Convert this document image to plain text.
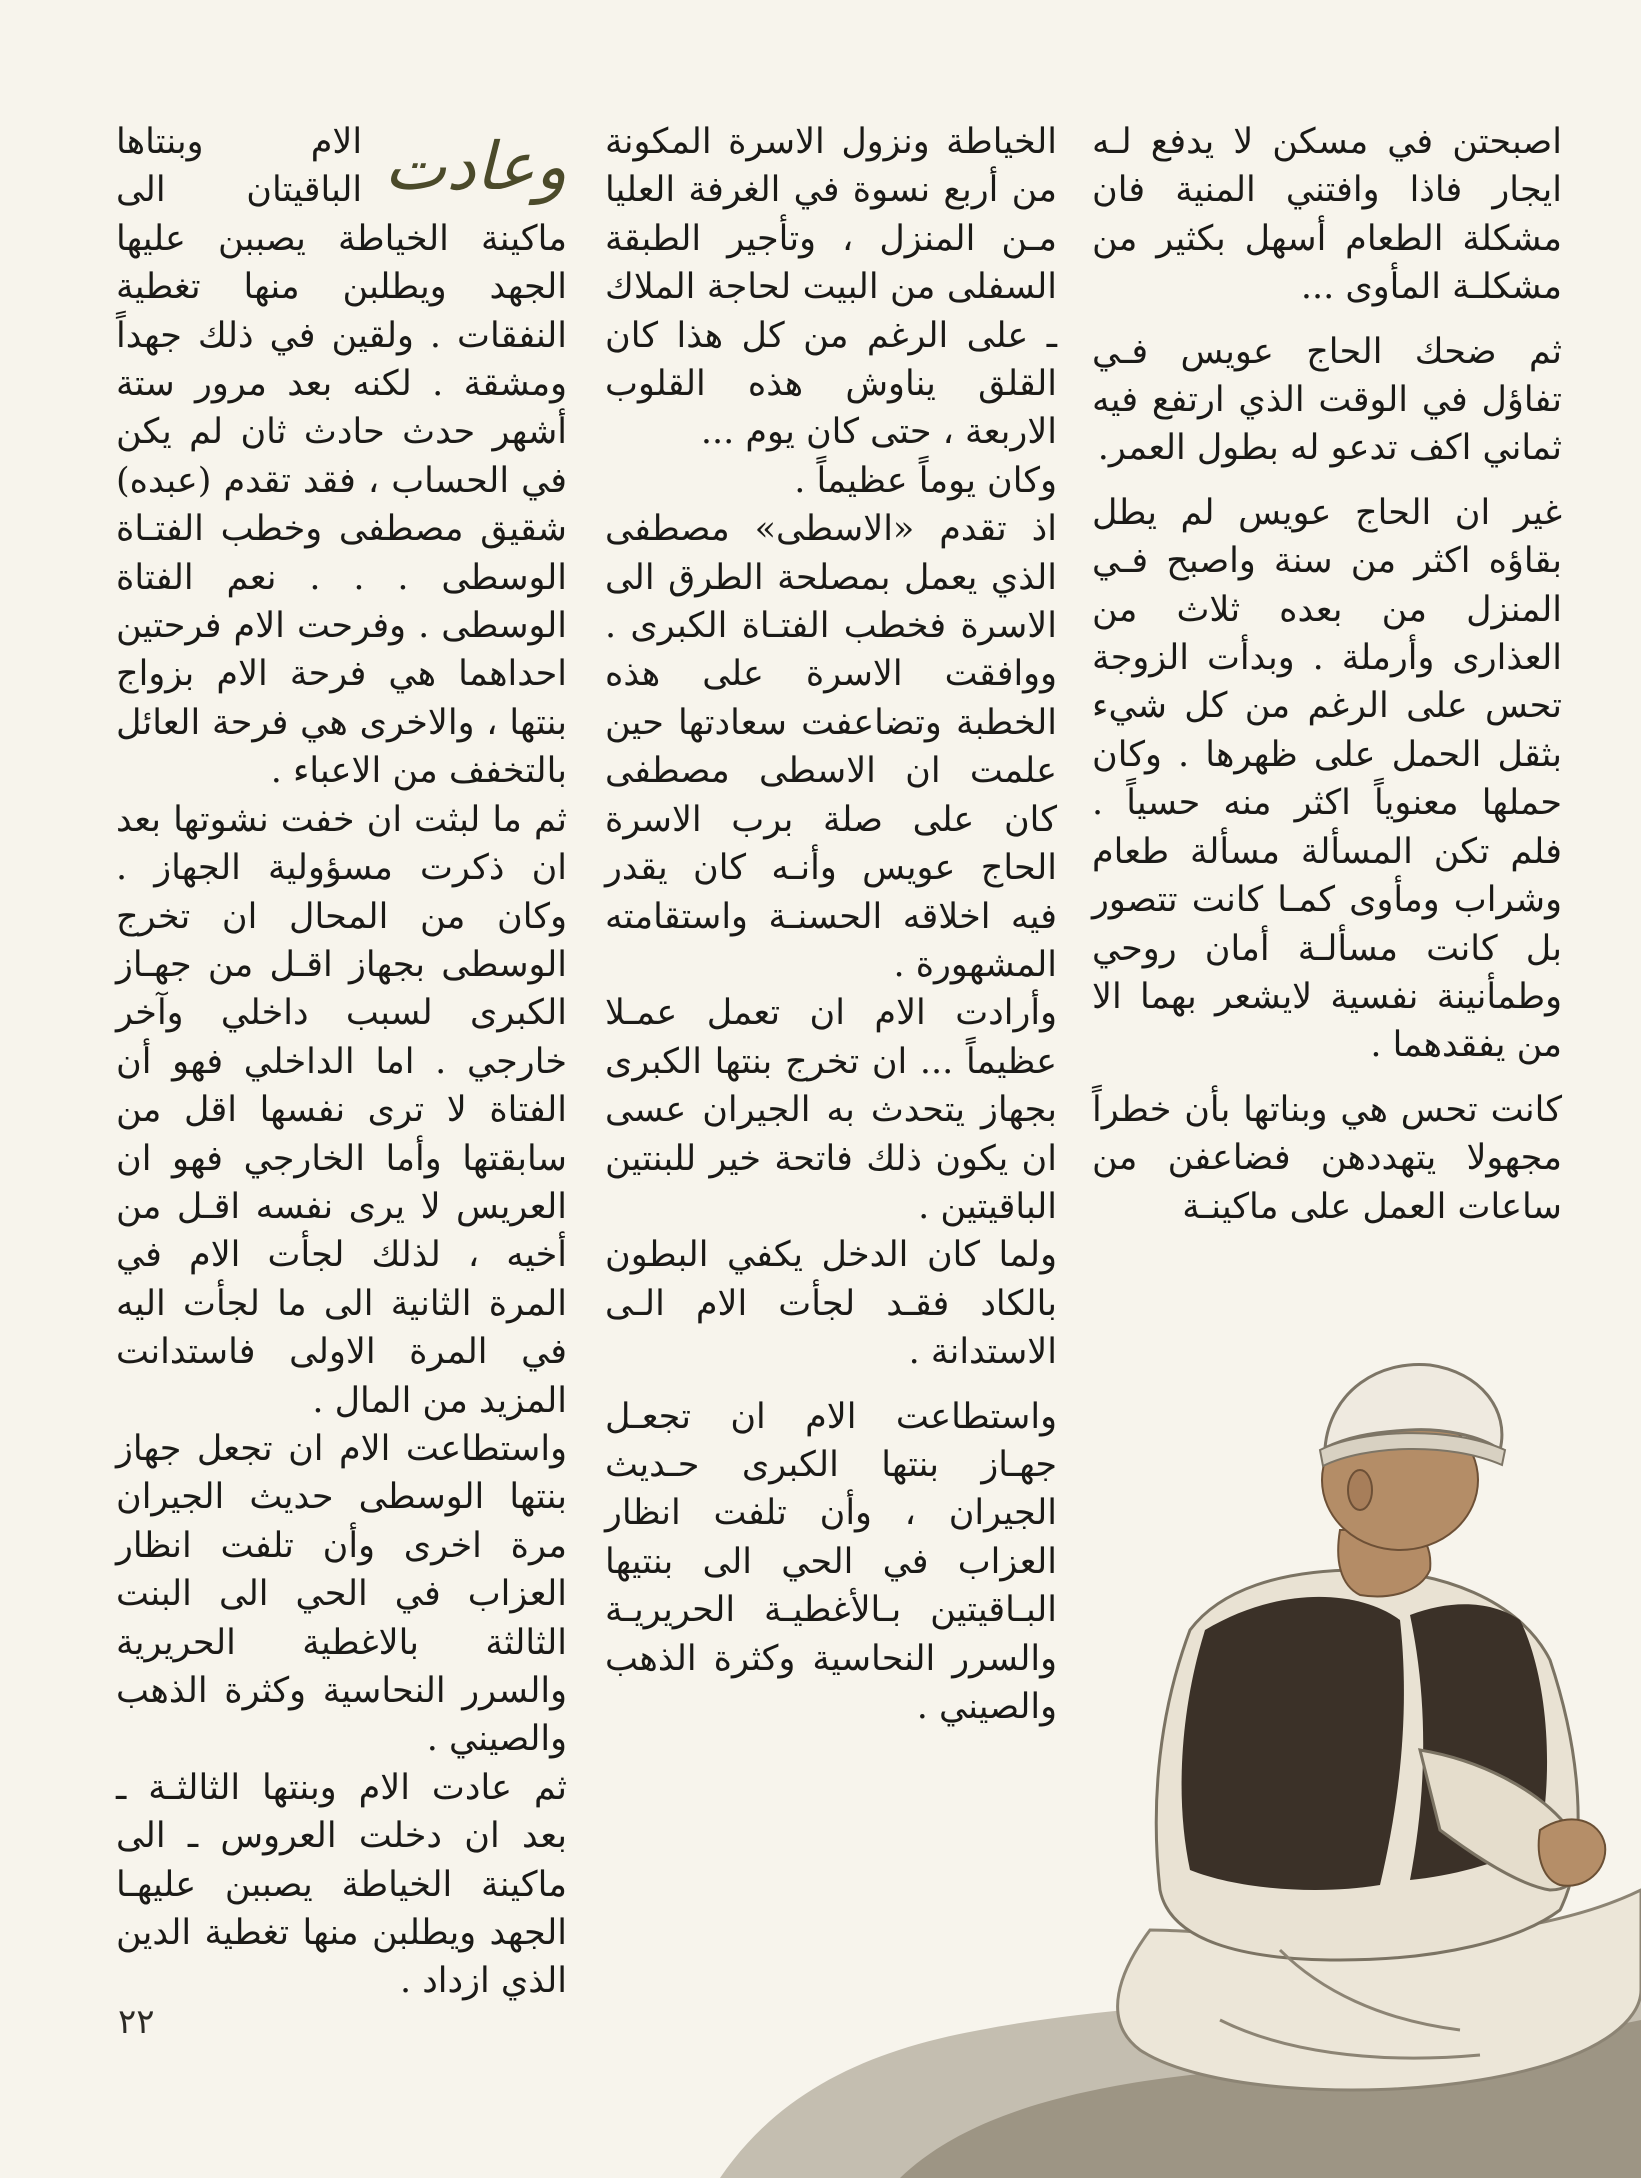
اصبحتن في مسكن لا يدفع لـه ايجار فاذا وافتني المنية فان مشكلة الطعام أسهل بكثير من مشكلـة المأوى ...

ثم ضحك الحاج عويس فـي تفاؤل في الوقت الذي ارتفع فيه ثماني اكف تدعو له بطول العمر.

غير ان الحاج عويس لم يطل بقاؤه اكثر من سنة واصبح فـي المنزل من بعده ثلاث من العذارى وأرملة . وبدأت الزوجة تحس على الرغم من كل شيء بثقل الحمل على ظهرها . وكان حملها معنوياً اكثر منه حسياً . فلم تكن المسألة مسألة طعام وشراب ومأوى كمـا كانت تتصور بل كانت مسألـة أمان روحي وطمأنينة نفسية لايشعر بهما الا من يفقدهما .

كانت تحس هي وبناتها بأن خطراً مجهولا يتهددهن فضاعفن من ساعات العمل على ماكينـة

الخياطة ونزول الاسرة المكونة من أربع نسوة في الغرفة العليا مـن المنزل ، وتأجير الطبقة السفلى من البيت لحاجة الملاك ـ على الرغم من كل هذا كان القلق يناوش هذه القلوب الاربعة ، حتى كان يوم ...

وكان يوماً عظيماً .

اذ تقدم «الاسطى» مصطفى الذي يعمل بمصلحة الطرق الى الاسرة فخطب الفتـاة الكبرى . ووافقت الاسرة على هذه الخطبة وتضاعفت سعادتها حين علمت ان الاسطى مصطفى كان على صلة برب الاسرة الحاج عويس وأنـه كان يقدر فيه اخلاقه الحسنـة واستقامته المشهورة .

وأرادت الام ان تعمل عمـلا عظيماً ... ان تخرج بنتها الكبرى بجهاز يتحدث به الجيران عسى ان يكون ذلك فاتحة خير للبنتين الباقيتين .

ولما كان الدخل يكفي البطون بالكاد فقـد لجأت الام الـى الاستدانة .

واستطاعت الام ان تجعـل جهـاز بنتها الكبرى حـديث الجيران ، وأن تلفت انظار العزاب في الحي الى بنتيها البـاقيتين بـالأغطيـة الحريريـة والسرر النحاسية وكثرة الذهب والصيني .

وعادت

الام وبنتاها الباقيتان الى ماكينة الخياطة يصببن عليها الجهد ويطلبن منها تغطية النفقات . ولقين في ذلك جهداً ومشقة . لكنه بعد مرور ستة أشهر حدث حادث ثان لم يكن في الحساب ، فقد تقدم (عبده) شقيق مصطفى وخطب الفتـاة الوسطى . . . نعم الفتاة الوسطى . وفرحت الام فرحتين احداهما هي فرحة الام بزواج بنتها ، والاخرى هي فرحة العائل بالتخفف من الاعباء .

ثم ما لبثت ان خفت نشوتها بعد ان ذكرت مسؤولية الجهاز . وكان من المحال ان تخرج الوسطى بجهاز اقـل من جهـاز الكبرى لسبب داخلي وآخر خارجي . اما الداخلي فهو أن الفتاة لا ترى نفسها اقل من سابقتها وأما الخارجي فهو ان العريس لا يرى نفسه اقـل من أخيه ، لذلك لجأت الام في المرة الثانية الى ما لجأت اليه في المرة الاولى فاستدانت المزيد من المال .

واستطاعت الام ان تجعل جهاز بنتها الوسطى حديث الجيران مرة اخرى وأن تلفت انظار العزاب في الحي الى البنت الثالثة بالاغطية الحريرية والسرر النحاسية وكثرة الذهب والصيني .

ثم عادت الام وبنتها الثالثـة ـ بعد ان دخلت العروس ـ الى ماكينة الخياطة يصببن عليهـا الجهد ويطلبن منها تغطية الدين الذي ازداد .

٢٢
